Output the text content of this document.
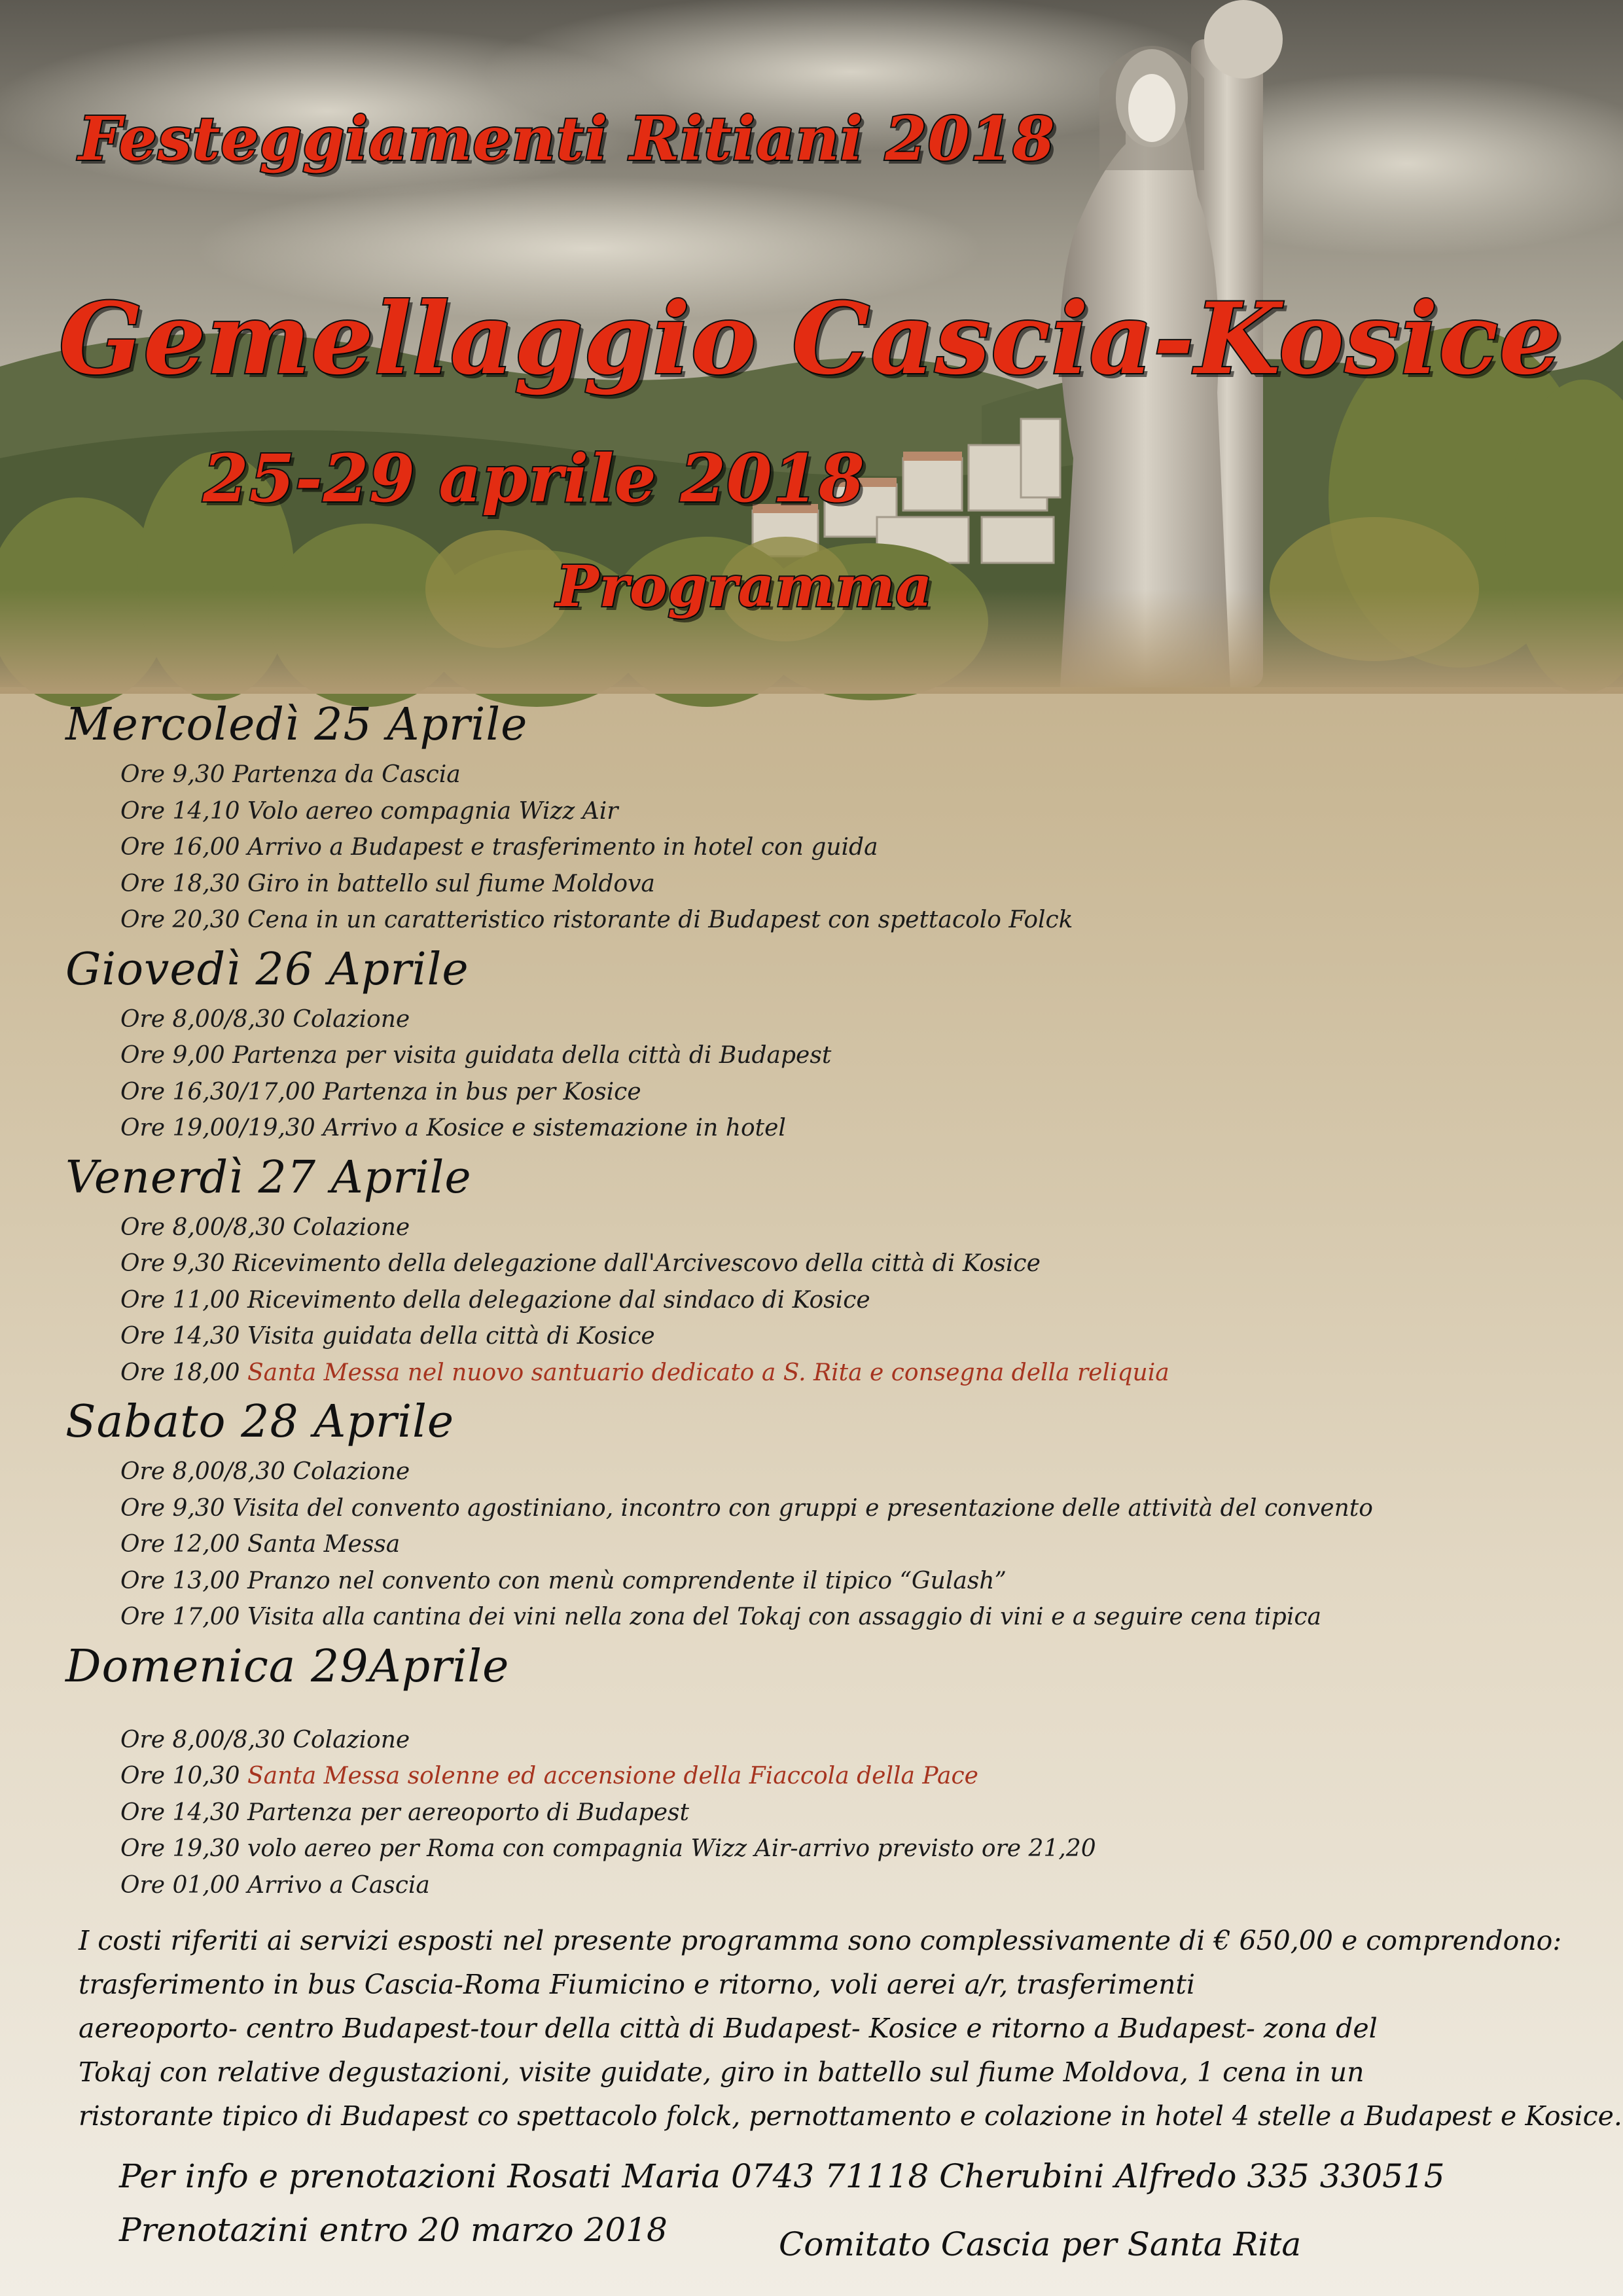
Festeggiamenti Ritiani 2018
Gemellaggio Cascia-Kosice
25-29 aprile 2018
Programma
Mercoledì 25 Aprile
Ore 9,30 Partenza da Cascia
Ore 14,10 Volo aereo compagnia Wizz Air
Ore 16,00 Arrivo a Budapest e trasferimento in hotel con guida
Ore 18,30 Giro in battello sul fiume Moldova
Ore 20,30 Cena in un caratteristico ristorante di Budapest con spettacolo Folck
Giovedì 26 Aprile
Ore 8,00/8,30 Colazione
Ore 9,00 Partenza per visita guidata della città di Budapest
Ore 16,30/17,00 Partenza in bus per Kosice
Ore 19,00/19,30 Arrivo a Kosice e sistemazione in hotel
Venerdì 27 Aprile
Ore 8,00/8,30 Colazione
Ore 9,30 Ricevimento della delegazione dall'Arcivescovo della città di Kosice
Ore 11,00 Ricevimento della delegazione dal sindaco di Kosice
Ore 14,30 Visita guidata della città di Kosice
Ore 18,00 Santa Messa nel nuovo santuario dedicato a S. Rita e consegna della reliquia
Sabato 28 Aprile
Ore 8,00/8,30 Colazione
Ore 9,30 Visita del convento agostiniano, incontro con gruppi e presentazione delle attività del convento
Ore 12,00 Santa Messa
Ore 13,00 Pranzo nel convento con menù comprendente il tipico “Gulash”
Ore 17,00 Visita alla cantina dei vini nella zona del Tokaj con assaggio di vini e a seguire cena tipica
Domenica 29Aprile
Ore 8,00/8,30 Colazione
Ore 10,30 Santa Messa solenne ed accensione della Fiaccola della Pace
Ore 14,30 Partenza per aereoporto di Budapest
Ore 19,30 volo aereo per Roma con compagnia Wizz Air-arrivo previsto ore 21,20
Ore 01,00 Arrivo a Cascia
I costi riferiti ai servizi esposti nel presente programma sono complessivamente di € 650,00 e comprendono:
trasferimento in bus Cascia-Roma Fiumicino e ritorno, voli aerei a/r, trasferimenti
aereoporto- centro Budapest-tour della città di Budapest- Kosice e ritorno a Budapest- zona del
Tokaj con relative degustazioni, visite guidate, giro in battello sul fiume Moldova, 1 cena in un
ristorante tipico di Budapest co spettacolo folck, pernottamento e colazione in hotel 4 stelle a Budapest e Kosice.
Per info e prenotazioni Rosati Maria 0743 71118 Cherubini Alfredo 335 330515
Prenotazini entro 20 marzo 2018	Comitato Cascia per Santa Rita
